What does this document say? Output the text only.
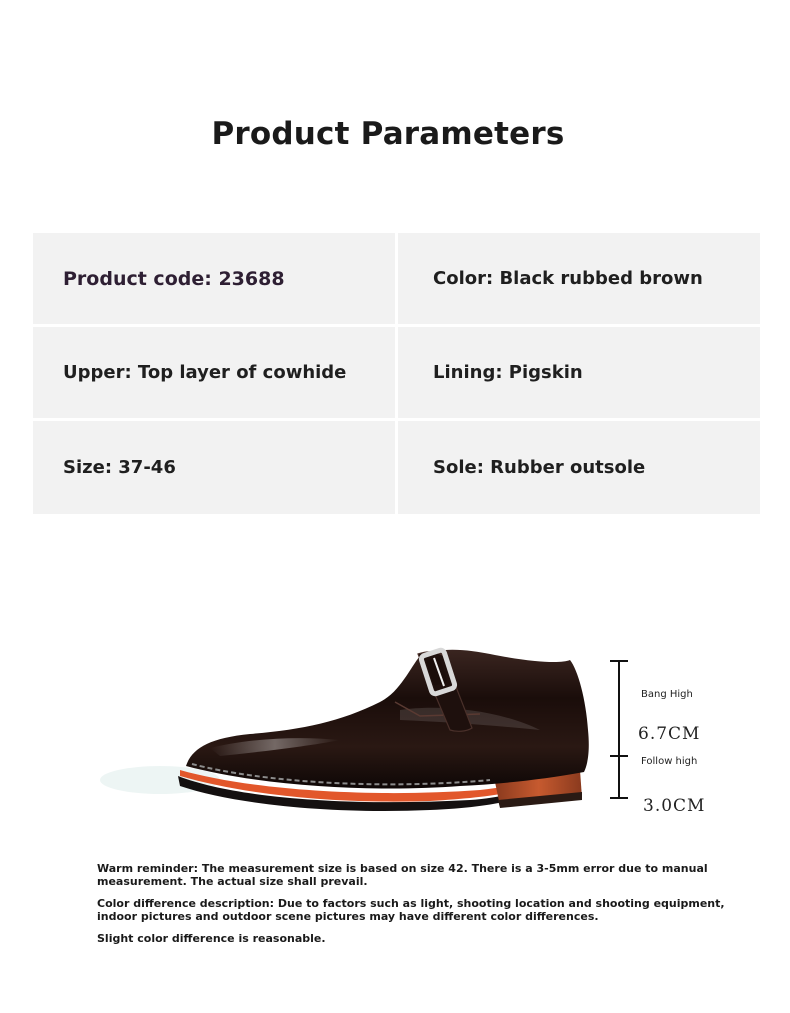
Product Parameters
Product code: 23688	Color: Black rubbed brown
Upper: Top layer of cowhide	Lining: Pigskin
Size: 37-46	Sole: Rubber outsole
Bang High
6.7CM
Follow high
3.0CM

Warm reminder: The measurement size is based on size 42. There is a 3-5mm error due to manual measurement. The actual size shall prevail.

Color difference description: Due to factors such as light, shooting location and shooting equipment, indoor pictures and outdoor scene pictures may have different color differences.

Slight color difference is reasonable.
